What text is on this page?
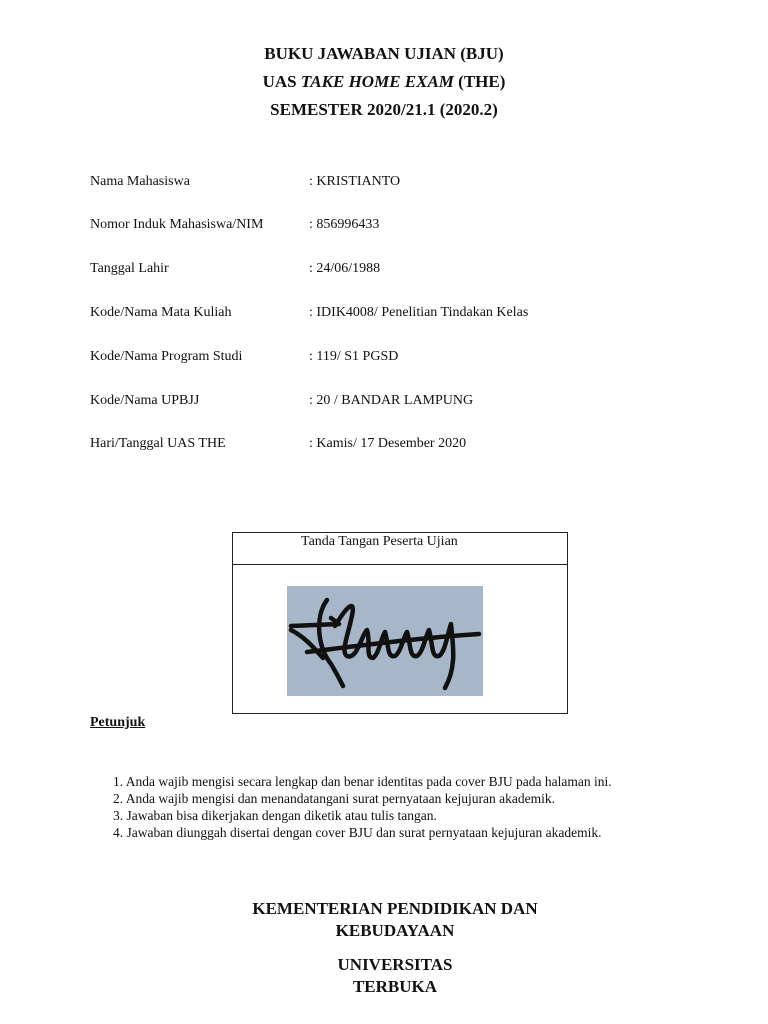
BUKU JAWABAN UJIAN (BJU)
UAS TAKE HOME EXAM (THE)
SEMESTER 2020/21.1 (2020.2)
Nama Mahasiswa	: KRISTIANTO
Nomor Induk Mahasiswa/NIM	: 856996433
Tanggal Lahir	: 24/06/1988
Kode/Nama Mata Kuliah	: IDIK4008/ Penelitian Tindakan Kelas
Kode/Nama Program Studi	: 119/ S1 PGSD
Kode/Nama UPBJJ	: 20 / BANDAR LAMPUNG
Hari/Tanggal UAS THE	: Kamis/ 17 Desember 2020
Tanda Tangan Peserta Ujian
Petunjuk
1. Anda wajib mengisi secara lengkap dan benar identitas pada cover BJU pada halaman ini.
2. Anda wajib mengisi dan menandatangani surat pernyataan kejujuran akademik.
3. Jawaban bisa dikerjakan dengan diketik atau tulis tangan.
4. Jawaban diunggah disertai dengan cover BJU dan surat pernyataan kejujuran akademik.
KEMENTERIAN PENDIDIKAN DAN
KEBUDAYAAN
UNIVERSITAS
TERBUKA
